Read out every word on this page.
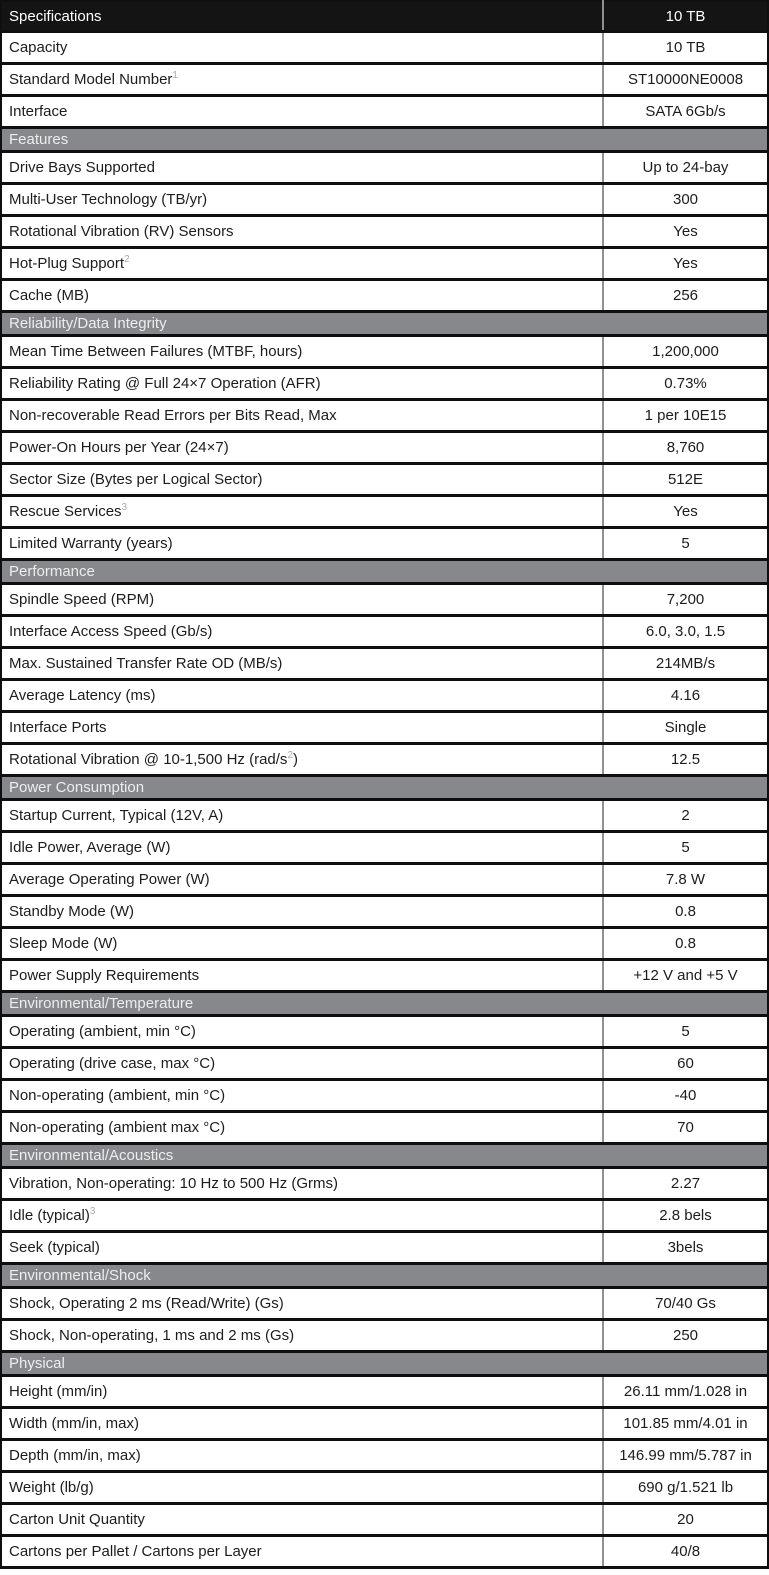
Specifications	10 TB
Capacity	10 TB
Standard Model Number$^1$	ST10000NE0008
Interface	SATA 6Gb/s
Features	
Drive Bays Supported	Up to 24-bay
Multi-User Technology (TB/yr)	300
Rotational Vibration (RV) Sensors	Yes
Hot-Plug Support$^2$	Yes
Cache (MB)	256
Reliability/Data Integrity	
Mean Time Between Failures (MTBF, hours)	1,200,000
Reliability Rating @ Full 24×7 Operation (AFR)	0.73%
Non-recoverable Read Errors per Bits Read, Max	1 per 10E15
Power-On Hours per Year (24×7)	8,760
Sector Size (Bytes per Logical Sector)	512E
Rescue Services$^3$	Yes
Limited Warranty (years)	5
Performance	
Spindle Speed (RPM)	7,200
Interface Access Speed (Gb/s)	6.0, 3.0, 1.5
Max. Sustained Transfer Rate OD (MB/s)	214MB/s
Average Latency (ms)	4.16
Interface Ports	Single
Rotational Vibration @ 10-1,500 Hz (rad/s$^2$)	12.5
Power Consumption	
Startup Current, Typical (12V, A)	2
Idle Power, Average (W)	5
Average Operating Power (W)	7.8 W
Standby Mode (W)	0.8
Sleep Mode (W)	0.8
Power Supply Requirements	+12 V and +5 V
Environmental/Temperature	
Operating (ambient, min °C)	5
Operating (drive case, max °C)	60
Non-operating (ambient, min °C)	-40
Non-operating (ambient max °C)	70
Environmental/Acoustics	
Vibration, Non-operating: 10 Hz to 500 Hz (Grms)	2.27
Idle (typical)$^3$	2.8 bels
Seek (typical)	3bels
Environmental/Shock	
Shock, Operating 2 ms (Read/Write) (Gs)	70/40 Gs
Shock, Non-operating, 1 ms and 2 ms (Gs)	250
Physical	
Height (mm/in)	26.11 mm/1.028 in
Width (mm/in, max)	101.85 mm/4.01 in
Depth (mm/in, max)	146.99 mm/5.787 in
Weight (lb/g)	690 g/1.521 lb
Carton Unit Quantity	20
Cartons per Pallet / Cartons per Layer	40/8
